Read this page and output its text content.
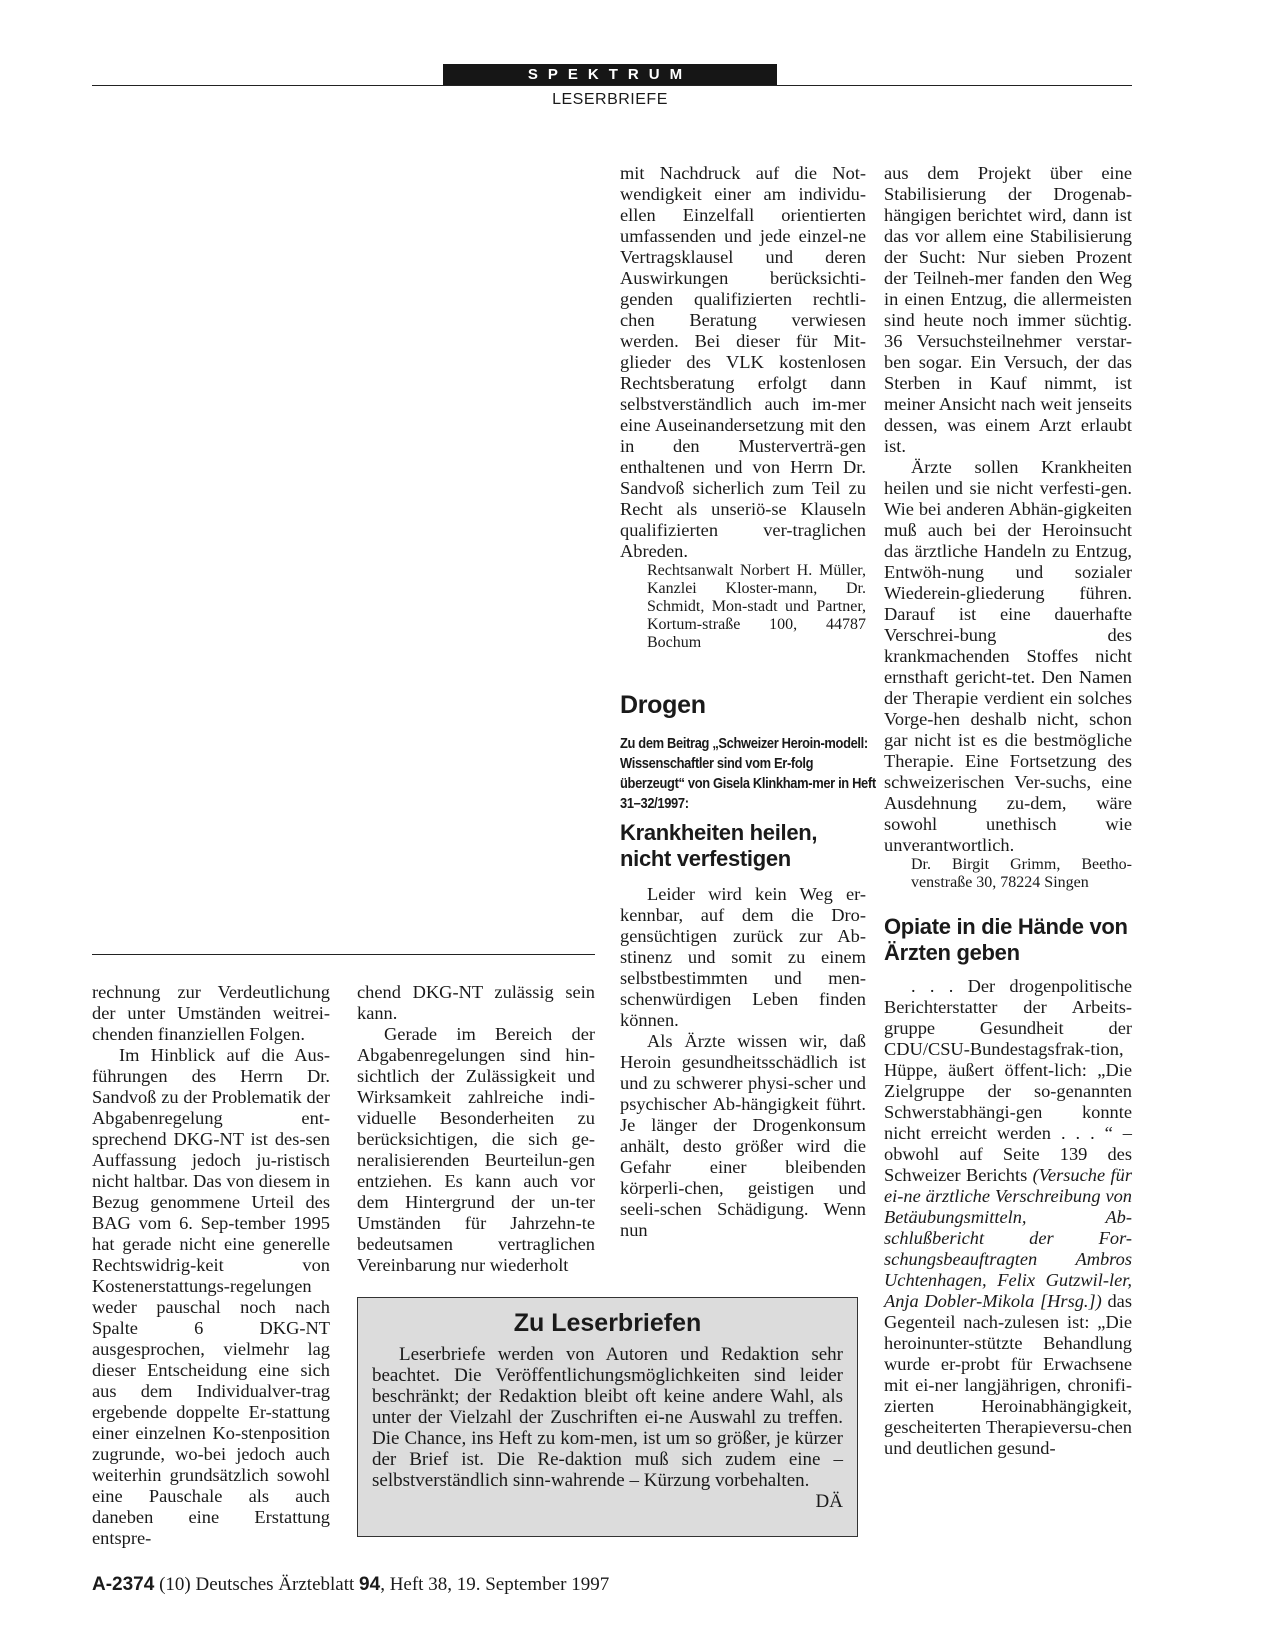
SPEKTRUM
LESERBRIEFE

mit Nachdruck auf die Not-wendigkeit einer am individu-ellen Einzelfall orientierten umfassenden und jede einzel-ne Vertragsklausel und deren Auswirkungen berücksichti-genden qualifizierten rechtli-chen Beratung verwiesen werden. Bei dieser für Mit-glieder des VLK kostenlosen Rechtsberatung erfolgt dann selbstverständlich auch im-mer eine Auseinandersetzung mit den in den Musterverträ-gen enthaltenen und von Herrn Dr. Sandvoß sicherlich zum Teil zu Recht als unseriö-se Klauseln qualifizierten ver-traglichen Abreden.

Rechtsanwalt Norbert H. Müller, Kanzlei Kloster-mann, Dr. Schmidt, Mon-stadt und Partner, Kortum-straße 100, 44787 Bochum

Drogen

Zu dem Beitrag „Schweizer Heroin-modell: Wissenschaftler sind vom Er-folg überzeugt“ von Gisela Klinkham-mer in Heft 31–32/1997:

Krankheiten heilen, nicht verfestigen

Leider wird kein Weg er-kennbar, auf dem die Dro-gensüchtigen zurück zur Ab-stinenz und somit zu einem selbstbestimmten und men-schenwürdigen Leben finden können.

Als Ärzte wissen wir, daß Heroin gesundheitsschädlich ist und zu schwerer physi-scher und psychischer Ab-hängigkeit führt. Je länger der Drogenkonsum anhält, desto größer wird die Gefahr einer bleibenden körperli-chen, geistigen und seeli-schen Schädigung. Wenn nun

aus dem Projekt über eine Stabilisierung der Drogenab-hängigen berichtet wird, dann ist das vor allem eine Stabilisierung der Sucht: Nur sieben Prozent der Teilneh-mer fanden den Weg in einen Entzug, die allermeisten sind heute noch immer süchtig. 36 Versuchsteilnehmer verstar-ben sogar. Ein Versuch, der das Sterben in Kauf nimmt, ist meiner Ansicht nach weit jenseits dessen, was einem Arzt erlaubt ist.

Ärzte sollen Krankheiten heilen und sie nicht verfesti-gen. Wie bei anderen Abhän-gigkeiten muß auch bei der Heroinsucht das ärztliche Handeln zu Entzug, Entwöh-nung und sozialer Wiederein-gliederung führen. Darauf ist eine dauerhafte Verschrei-bung des krankmachenden Stoffes nicht ernsthaft gericht-tet. Den Namen der Therapie verdient ein solches Vorge-hen deshalb nicht, schon gar nicht ist es die bestmögliche Therapie. Eine Fortsetzung des schweizerischen Ver-suchs, eine Ausdehnung zu-dem, wäre sowohl unethisch wie unverantwortlich.

Dr. Birgit Grimm, Beetho-venstraße 30, 78224 Singen

Opiate in die Hände von Ärzten geben

. . . Der drogenpolitische Berichterstatter der Arbeits-gruppe Gesundheit der CDU/CSU-Bundestagsfrak-tion, Hüppe, äußert öffent-lich: „Die Zielgruppe der so-genannten Schwerstabhängi-gen konnte nicht erreicht werden . . . “ – obwohl auf Seite 139 des Schweizer Berichts (Versuche für ei-ne ärztliche Verschreibung von Betäubungsmitteln, Ab-schlußbericht der For-schungsbeauftragten Ambros Uchtenhagen, Felix Gutzwil-ler, Anja Dobler-Mikola [Hrsg.]) das Gegenteil nach-zulesen ist: „Die heroinunter-stützte Behandlung wurde er-probt für Erwachsene mit ei-ner langjährigen, chronifi-zierten Heroinabhängigkeit, gescheiterten Therapieversu-chen und deutlichen gesund-

rechnung zur Verdeutlichung der unter Umständen weitrei-chenden finanziellen Folgen.

Im Hinblick auf die Aus-führungen des Herrn Dr. Sandvoß zu der Problematik der Abgabenregelung ent-sprechend DKG-NT ist des-sen Auffassung jedoch ju-ristisch nicht haltbar. Das von diesem in Bezug genommene Urteil des BAG vom 6. Sep-tember 1995 hat gerade nicht eine generelle Rechtswidrig-keit von Kostenerstattungs-regelungen weder pauschal noch nach Spalte 6 DKG-NT ausgesprochen, vielmehr lag dieser Entscheidung eine sich aus dem Individualver-trag ergebende doppelte Er-stattung einer einzelnen Ko-stenposition zugrunde, wo-bei jedoch auch weiterhin grundsätzlich sowohl eine Pauschale als auch daneben eine Erstattung entspre-

chend DKG-NT zulässig sein kann.

Gerade im Bereich der Abgabenregelungen sind hin-sichtlich der Zulässigkeit und Wirksamkeit zahlreiche indi-viduelle Besonderheiten zu berücksichtigen, die sich ge-neralisierenden Beurteilun-gen entziehen. Es kann auch vor dem Hintergrund der un-ter Umständen für Jahrzehn-te bedeutsamen vertraglichen Vereinbarung nur wiederholt

Zu Leserbriefen

Leserbriefe werden von Autoren und Redaktion sehr beachtet. Die Veröffentlichungsmöglichkeiten sind leider beschränkt; der Redaktion bleibt oft keine andere Wahl, als unter der Vielzahl der Zuschriften ei-ne Auswahl zu treffen. Die Chance, ins Heft zu kom-men, ist um so größer, je kürzer der Brief ist. Die Re-daktion muß sich zudem eine – selbstverständlich sinn-wahrende – Kürzung vorbehalten.
DÄ

A-2374 (10) Deutsches Ärzteblatt 94, Heft 38, 19. September 1997
